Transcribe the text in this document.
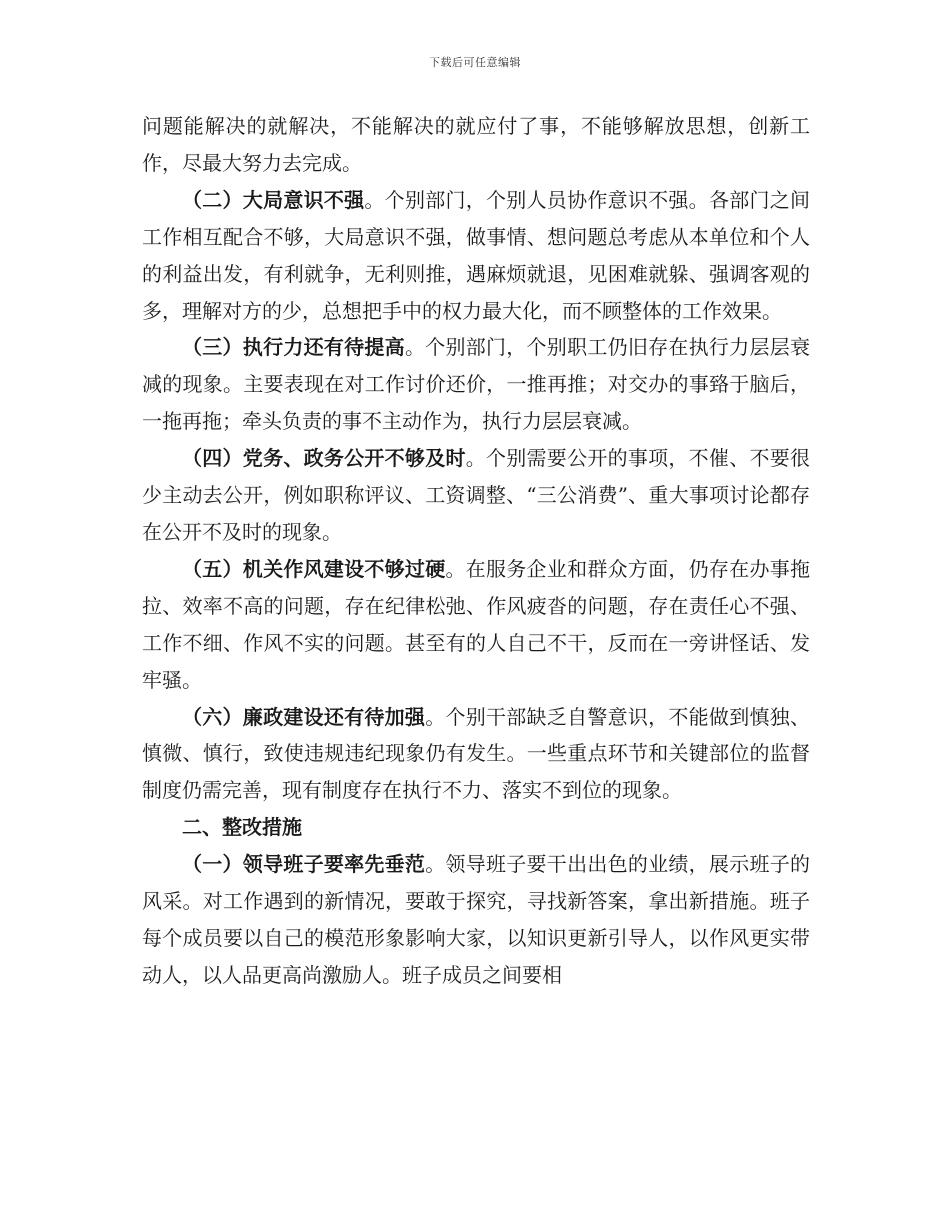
下载后可任意编辑

问题能解决的就解决，不能解决的就应付了事，不能够解放思想，创新工作，尽最大努力去完成。

（二）大局意识不强。个别部门，个别人员协作意识不强。各部门之间工作相互配合不够，大局意识不强，做事情、想问题总考虑从本单位和个人的利益出发，有利就争，无利则推，遇麻烦就退，见困难就躲、强调客观的多，理解对方的少，总想把手中的权力最大化，而不顾整体的工作效果。

（三）执行力还有待提高。个别部门，个别职工仍旧存在执行力层层衰减的现象。主要表现在对工作讨价还价，一推再推；对交办的事臵于脑后，一拖再拖；牵头负责的事不主动作为，执行力层层衰减。

（四）党务、政务公开不够及时。个别需要公开的事项，不催、不要很少主动去公开，例如职称评议、工资调整、“三公消费”、重大事项讨论都存在公开不及时的现象。

（五）机关作风建设不够过硬。在服务企业和群众方面，仍存在办事拖拉、效率不高的问题，存在纪律松弛、作风疲沓的问题，存在责任心不强、工作不细、作风不实的问题。甚至有的人自己不干，反而在一旁讲怪话、发牢骚。

（六）廉政建设还有待加强。个别干部缺乏自警意识，不能做到慎独、慎微、慎行，致使违规违纪现象仍有发生。一些重点环节和关键部位的监督制度仍需完善，现有制度存在执行不力、落实不到位的现象。

二、整改措施

（一）领导班子要率先垂范。领导班子要干出出色的业绩，展示班子的风采。对工作遇到的新情况，要敢于探究，寻找新答案，拿出新措施。班子每个成员要以自己的模范形象影响大家，以知识更新引导人，以作风更实带动人，以人品更高尚激励人。班子成员之间要相
